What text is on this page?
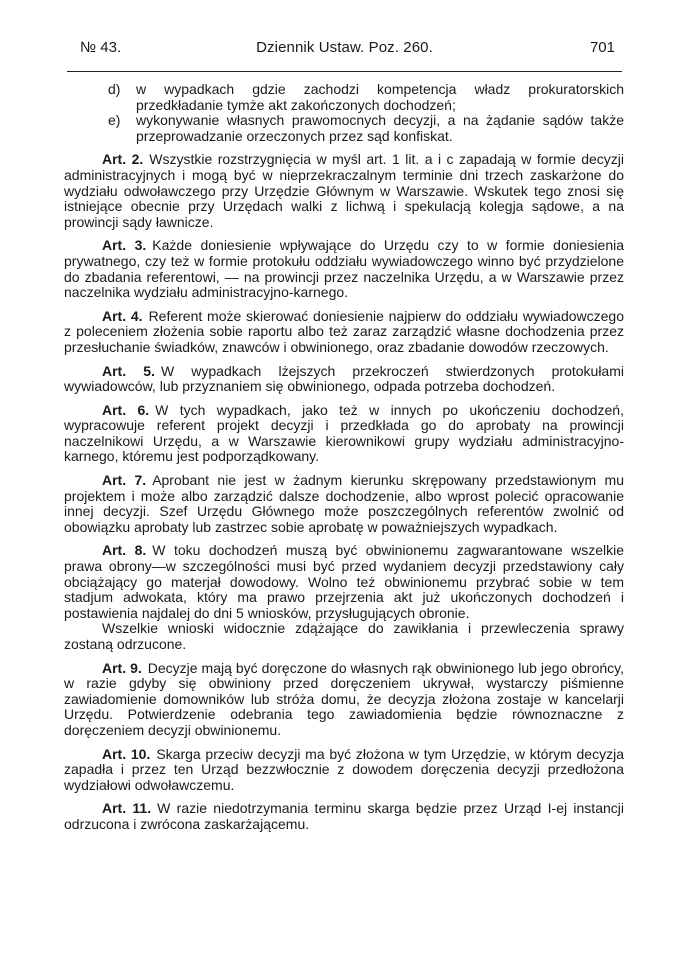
№ 43.	Dziennik Ustaw. Poz. 260.	701
d)	w wypadkach gdzie zachodzi kompetencja władz prokuratorskich przedkładanie tymże akt zakończonych dochodzeń;
e)	wykonywanie własnych prawomocnych decyzji, a na żądanie sądów także przeprowadzanie orzeczonych przez sąd konfiskat.

Art. 2. Wszystkie rozstrzygnięcia w myśl art. 1 lit. a i c zapadają w formie decyzji administracyjnych i mogą być w nieprzekraczalnym terminie dni trzech zaskarżone do wydziału odwoławczego przy Urzędzie Głównym w Warszawie. Wskutek tego znosi się istniejące obecnie przy Urzędach walki z lichwą i spekulacją kolegja sądowe, a na prowincji sądy ławnicze.

Art. 3. Każde doniesienie wpływające do Urzędu czy to w formie doniesienia prywatnego, czy też w formie protokułu oddziału wywiadowczego winno być przydzielone do zbadania referentowi, — na prowincji przez naczelnika Urzędu, a w Warszawie przez naczelnika wydziału administracyjno-karnego.

Art. 4. Referent może skierować doniesienie najpierw do oddziału wywiadowczego z poleceniem złożenia sobie raportu albo też zaraz zarządzić własne dochodzenia przez przesłuchanie świadków, znawców i obwinionego, oraz zbadanie dowodów rzeczowych.

Art. 5. W wypadkach lżejszych przekroczeń stwierdzonych protokułami wywiadowców, lub przyznaniem się obwinionego, odpada potrzeba dochodzeń.

Art. 6. W tych wypadkach, jako też w innych po ukończeniu dochodzeń, wypracowuje referent projekt decyzji i przedkłada go do aprobaty na prowincji naczelnikowi Urzędu, a w Warszawie kierownikowi grupy wydziału administracyjno-karnego, któremu jest podporządkowany.

Art. 7. Aprobant nie jest w żadnym kierunku skrępowany przedstawionym mu projektem i może albo zarządzić dalsze dochodzenie, albo wprost polecić opracowanie innej decyzji. Szef Urzędu Głównego może poszczególnych referentów zwolnić od obowiązku aprobaty lub zastrzec sobie aprobatę w poważniejszych wypadkach.

Art. 8. W toku dochodzeń muszą być obwinionemu zagwarantowane wszelkie prawa obrony—w szczególności musi być przed wydaniem decyzji przedstawiony cały obciążający go materjał dowodowy. Wolno też obwinionemu przybrać sobie w tem stadjum adwokata, który ma prawo przejrzenia akt już ukończonych dochodzeń i postawienia najdalej do dni 5 wniosków, przysługujących obronie.

Wszelkie wnioski widocznie zdążające do zawikłania i przewleczenia sprawy zostaną odrzucone.

Art. 9. Decyzje mają być doręczone do własnych rąk obwinionego lub jego obrońcy, w razie gdyby się obwiniony przed doręczeniem ukrywał, wystarczy piśmienne zawiadomienie domowników lub stróża domu, że decyzja złożona zostaje w kancelarji Urzędu. Potwierdzenie odebrania tego zawiadomienia będzie równoznaczne z doręczeniem decyzji obwinionemu.

Art. 10. Skarga przeciw decyzji ma być złożona w tym Urzędzie, w którym decyzja zapadła i przez ten Urząd bezzwłocznie z dowodem doręczenia decyzji przedłożona wydziałowi odwoławczemu.

Art. 11. W razie niedotrzymania terminu skarga będzie przez Urząd I-ej instancji odrzucona i zwrócona zaskarżającemu.
